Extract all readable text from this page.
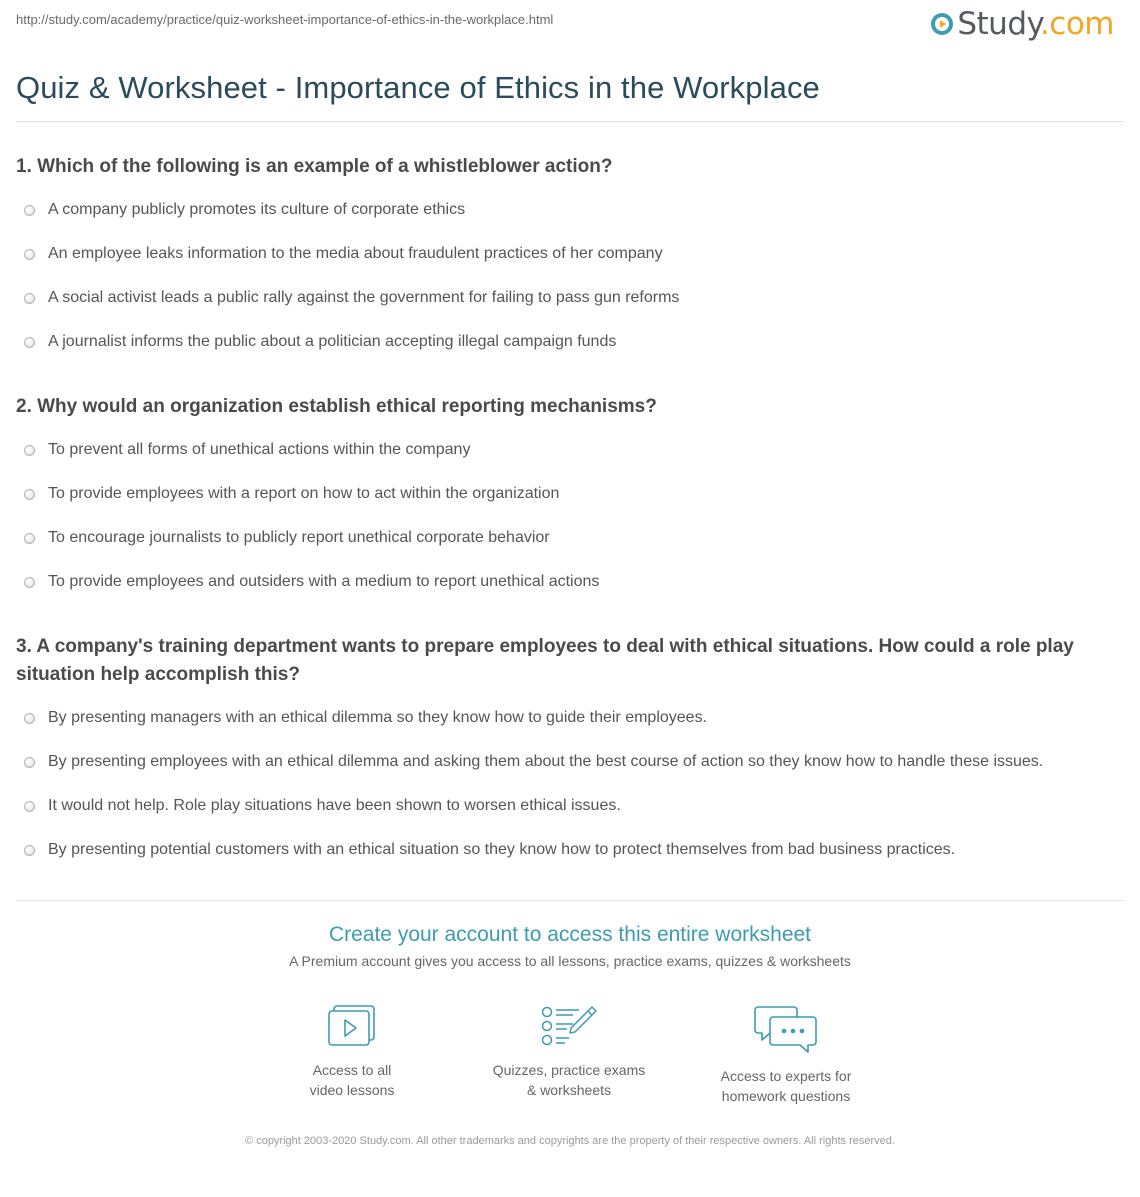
http://study.com/academy/practice/quiz-worksheet-importance-of-ethics-in-the-workplace.html	Study.com
Quiz & Worksheet - Importance of Ethics in the Workplace

1. Which of the following is an example of a whistleblower action?

A company publicly promotes its culture of corporate ethics
An employee leaks information to the media about fraudulent practices of her company
A social activist leads a public rally against the government for failing to pass gun reforms
A journalist informs the public about a politician accepting illegal campaign funds

2. Why would an organization establish ethical reporting mechanisms?

To prevent all forms of unethical actions within the company
To provide employees with a report on how to act within the organization
To encourage journalists to publicly report unethical corporate behavior
To provide employees and outsiders with a medium to report unethical actions

3. A company's training department wants to prepare employees to deal with ethical situations. How could a role play situation help accomplish this?

By presenting managers with an ethical dilemma so they know how to guide their employees.
By presenting employees with an ethical dilemma and asking them about the best course of action so they know how to handle these issues.
It would not help. Role play situations have been shown to worsen ethical issues.
By presenting potential customers with an ethical situation so they know how to protect themselves from bad business practices.
Create your account to access this entire worksheet
A Premium account gives you access to all lessons, practice exams, quizzes & worksheets
Access to all
video lessons
Quizzes, practice exams
& worksheets
Access to experts for
homework questions
© copyright 2003-2020 Study.com. All other trademarks and copyrights are the property of their respective owners. All rights reserved.
